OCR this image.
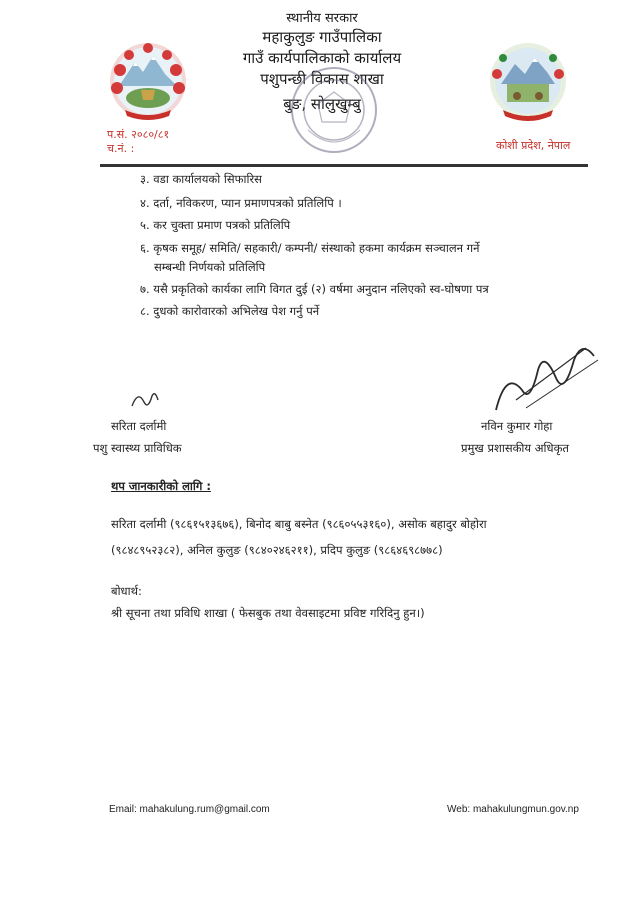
स्थानीय सरकार
महाकुलुङ गाउँपालिका
गाउँ कार्यपालिकाको कार्यालय
पशुपन्छी विकास शाखा
बुङ, सोलुखुम्बु
प.सं. २०८०/८१
च.नं. :	कोशी प्रदेश, नेपाल
३. वडा कार्यालयको सिफारिस
४. दर्ता, नविकरण, प्यान प्रमाणपत्रको प्रतिलिपि ।
५. कर चुक्ता प्रमाण पत्रको प्रतिलिपि
६. कृषक समूह/ समिति/ सहकारी/ कम्पनी/ संस्थाको हकमा कार्यक्रम सञ्चालन गर्ने
सम्बन्धी निर्णयको प्रतिलिपि
७. यसै प्रकृतिको कार्यका लागि विगत दुई (२) वर्षमा अनुदान नलिएको स्व-घोषणा पत्र
८. दुधको कारोवारको अभिलेख पेश गर्नु पर्ने
सरिता दर्लामी
पशु स्वास्थ्य प्राविधिक
नविन कुमार गोहा
प्रमुख प्रशासकीय अधिकृत
थप जानकारीको लागि :
सरिता दर्लामी (९८६१५१३६७६), बिनोद बाबु बस्नेत (९८६०५५३१६०), असोक बहादुर बोहोरा
(९८४८९५२३८२), अनिल कुलुङ (९८४०२४६२११), प्रदिप कुलुङ (९८६४६९८७७८)
बोधार्थ:
श्री सूचना तथा प्रविधि शाखा ( फेसबुक तथा वेवसाइटमा प्रविष्ट गरिदिनु हुन।)
Email: mahakulung.rum@gmail.com	Web: mahakulungmun.gov.np
